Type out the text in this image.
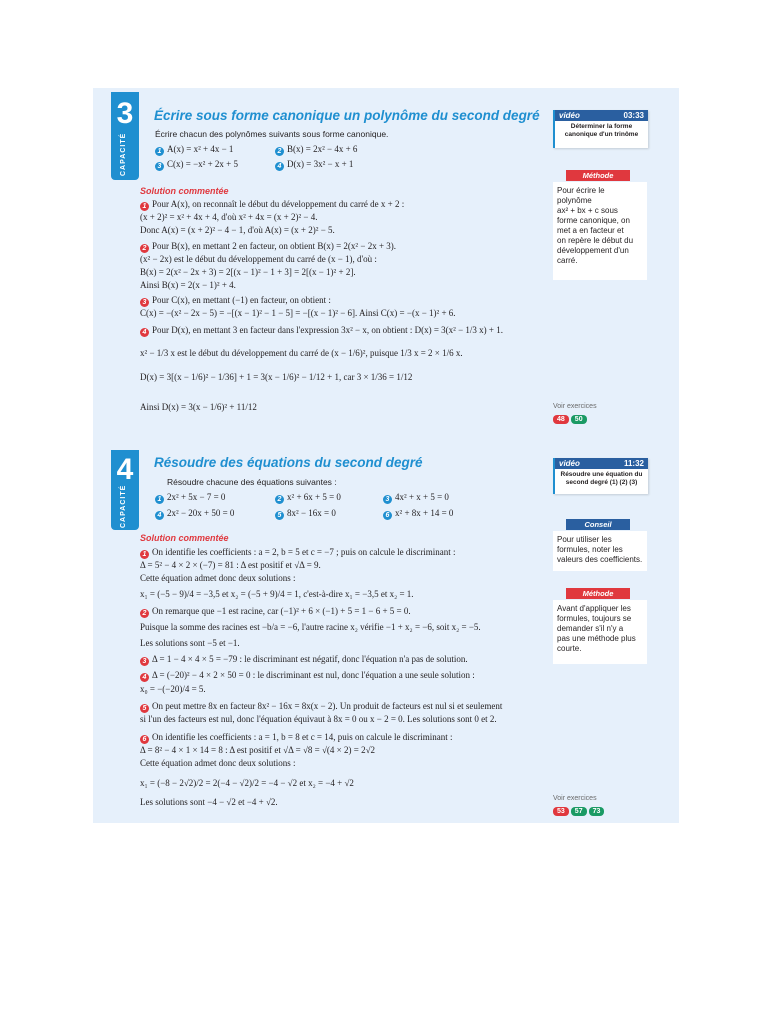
3
CAPACITÉ
Écrire sous forme canonique un polynôme du second degré
Écrire chacun des polynômes suivants sous forme canonique.
1 A(x) = x² + 4x − 1	2 B(x) = 2x² − 4x + 6
3 C(x) = −x² + 2x + 5	4 D(x) = 3x² − x + 1
Solution commentée
1 Pour A(x), on reconnaît le début du développement du carré de x + 2 :
(x + 2)² = x² + 4x + 4, d'où x² + 4x = (x + 2)² − 4.
Donc A(x) = (x + 2)² − 4 − 1, d'où A(x) = (x + 2)² − 5.
2 Pour B(x), en mettant 2 en facteur, on obtient B(x) = 2(x² − 2x + 3).
(x² − 2x) est le début du développement du carré de (x − 1), d'où :
B(x) = 2(x² − 2x + 3) = 2[(x − 1)² − 1 + 3] = 2[(x − 1)² + 2].
Ainsi B(x) = 2(x − 1)² + 4.
3 Pour C(x), en mettant (−1) en facteur, on obtient :
C(x) = −(x² − 2x − 5) = −[(x − 1)² − 1 − 5] = −[(x − 1)² − 6]. Ainsi C(x) = −(x − 1)² + 6.
4 Pour D(x), en mettant 3 en facteur dans l'expression 3x² − x, on obtient : D(x) = 3(x² − 1/3 x) + 1.
x² − 1/3 x est le début du développement du carré de (x − 1/6)², puisque 1/3 x = 2 × 1/6 x.
D(x) = 3[(x − 1/6)² − 1/36] + 1 = 3(x − 1/6)² − 1/12 + 1, car 3 × 1/36 = 1/12
Ainsi D(x) = 3(x − 1/6)² + 11/12
vidéo	03:33
Déterminer la forme canonique d'un trinôme
Méthode
Pour écrire le
polynôme
ax² + bx + c sous
forme canonique, on
met a en facteur et
on repère le début du
développement d'un
carré.
Voir exercices
48	50
4
CAPACITÉ
Résoudre des équations du second degré
Résoudre chacune des équations suivantes :
1 2x² + 5x − 7 = 0	2 x² + 6x + 5 = 0	3 4x² + x + 5 = 0
4 2x² − 20x + 50 = 0	5 8x² − 16x = 0	6 x² + 8x + 14 = 0
Solution commentée
1 On identifie les coefficients : a = 2, b = 5 et c = −7 ; puis on calcule le discriminant :
Δ = 5² − 4 × 2 × (−7) = 81 : Δ est positif et √Δ = 9.
Cette équation admet donc deux solutions :
x₁ = (−5 − 9)/4 = −3,5 et x₂ = (−5 + 9)/4 = 1, c'est-à-dire x₁ = −3,5 et x₂ = 1.
2 On remarque que −1 est racine, car (−1)² + 6 × (−1) + 5 = 1 − 6 + 5 = 0.
Puisque la somme des racines est −b/a = −6, l'autre racine x₂ vérifie −1 + x₂ = −6, soit x₂ = −5.
Les solutions sont −5 et −1.
3 Δ = 1 − 4 × 4 × 5 = −79 : le discriminant est négatif, donc l'équation n'a pas de solution.
4 Δ = (−20)² − 4 × 2 × 50 = 0 : le discriminant est nul, donc l'équation a une seule solution :
x₀ = −(−20)/4 = 5.
5 On peut mettre 8x en facteur 8x² − 16x = 8x(x − 2). Un produit de facteurs est nul si et seulement
si l'un des facteurs est nul, donc l'équation équivaut à 8x = 0 ou x − 2 = 0. Les solutions sont 0 et 2.
6 On identifie les coefficients : a = 1, b = 8 et c = 14, puis on calcule le discriminant :
Δ = 8² − 4 × 1 × 14 = 8 : Δ est positif et √Δ = √8 = √(4 × 2) = 2√2
Cette équation admet donc deux solutions :
x₁ = (−8 − 2√2)/2 = 2(−4 − √2)/2 = −4 − √2 et x₂ = −4 + √2
Les solutions sont −4 − √2 et −4 + √2.
vidéo	11:32
Résoudre une équation du second degré (1) (2) (3)
Conseil
Pour utiliser les
formules, noter les
valeurs des coefficients.
Méthode
Avant d'appliquer les
formules, toujours se
demander s'il n'y a
pas une méthode plus
courte.
Voir exercices
53	57	73
